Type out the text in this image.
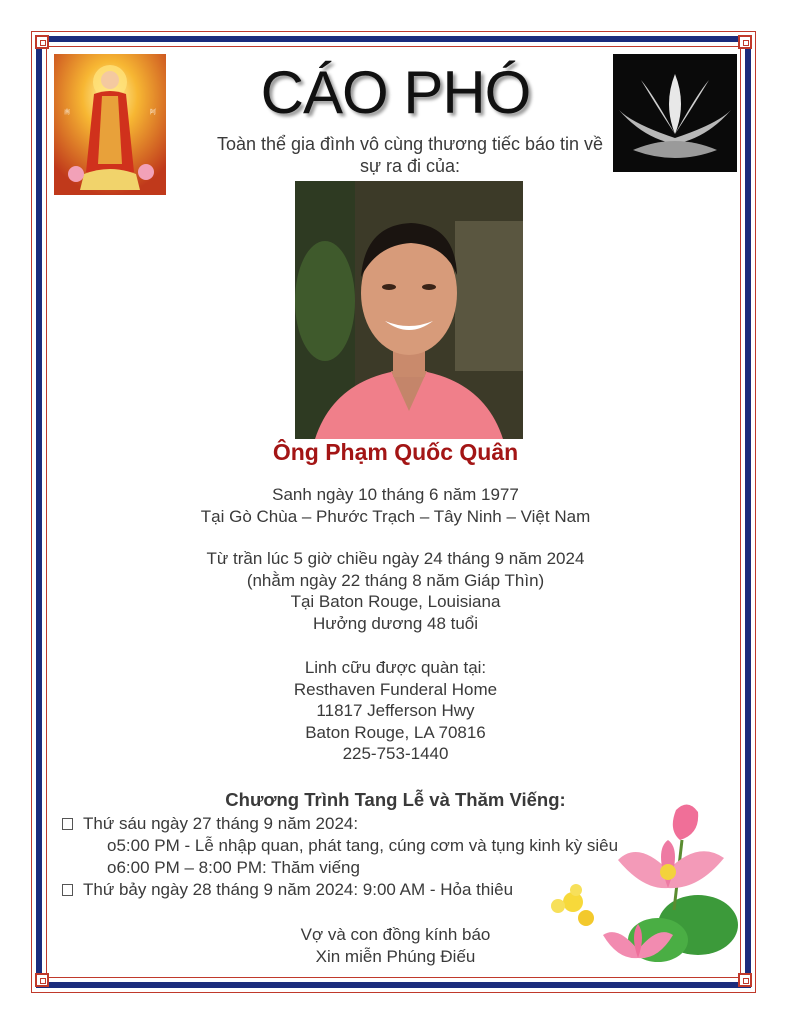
南	阿	CÁO PHÓ
Toàn thể gia đình vô cùng thương tiếc báo tin về
sự ra đi của:
Ông Phạm Quốc Quân
Sanh ngày 10 tháng 6 năm 1977
Tại Gò Chùa – Phước Trạch – Tây Ninh – Việt Nam
Từ trần lúc 5 giờ chiều ngày 24 tháng 9 năm 2024
(nhằm ngày 22 tháng 8 năm Giáp Thìn)
Tại Baton Rouge, Louisiana
Hưởng dương 48 tuổi
Linh cữu được quàn tại:
Resthaven Funderal Home
11817 Jefferson Hwy
Baton Rouge, LA 70816
225-753-1440
Chương Trình Tang Lễ và Thăm Viếng:
Thứ sáu ngày 27 tháng 9 năm 2024:
o5:00 PM - Lễ nhập quan, phát tang, cúng cơm và tụng kinh kỳ siêu
o6:00 PM – 8:00 PM: Thăm viếng
Thứ bảy ngày 28 tháng 9 năm 2024: 9:00 AM - Hỏa thiêu
Vợ và con đồng kính báo
Xin miễn Phúng Điếu
